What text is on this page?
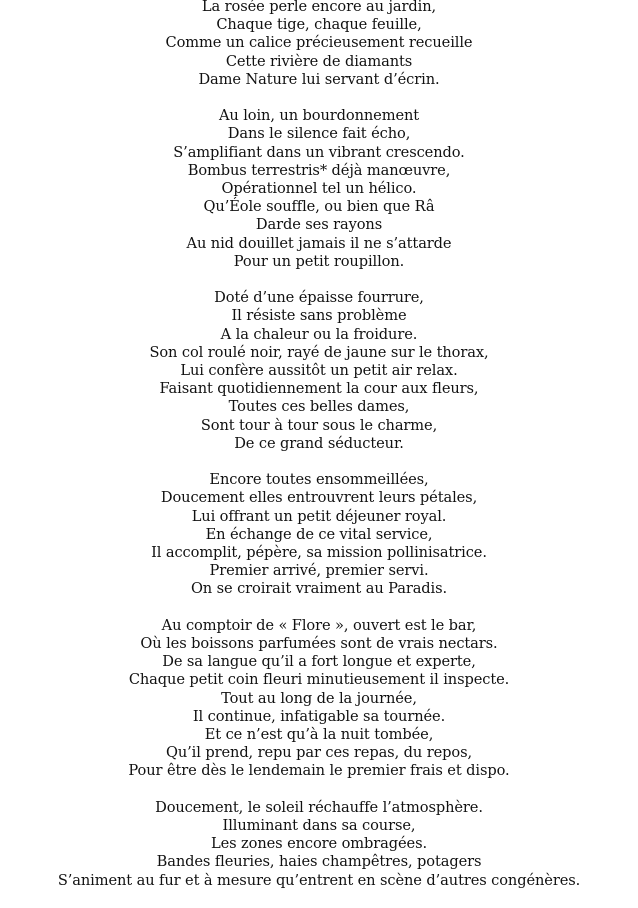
La rosée perle encore au jardin,
Chaque tige, chaque feuille,
Comme un calice précieusement recueille
Cette rivière de diamants
Dame Nature lui servant d’écrin.
Au loin, un bourdonnement
Dans le silence fait écho,
S’amplifiant dans un vibrant crescendo.
Bombus terrestris* déjà manœuvre,
Opérationnel tel un hélico.
Qu’Éole souffle, ou bien que Râ
Darde ses rayons
Au nid douillet jamais il ne s’attarde
Pour un petit roupillon.
Doté d’une épaisse fourrure,
Il résiste sans problème
A la chaleur ou la froidure.
Son col roulé noir, rayé de jaune sur le thorax,
Lui confère aussitôt un petit air relax.
Faisant quotidiennement la cour aux fleurs,
Toutes ces belles dames,
Sont tour à tour sous le charme,
De ce grand séducteur.
Encore toutes ensommeillées,
Doucement elles entrouvrent leurs pétales,
Lui offrant un petit déjeuner royal.
En échange de ce vital service,
Il accomplit, pépère, sa mission pollinisatrice.
Premier arrivé, premier servi.
On se croirait vraiment au Paradis.
Au comptoir de « Flore », ouvert est le bar,
Où les boissons parfumées sont de vrais nectars.
De sa langue qu’il a fort longue et experte,
Chaque petit coin fleuri minutieusement il inspecte.
Tout au long de la journée,
Il continue, infatigable sa tournée.
Et ce n’est qu’à la nuit tombée,
Qu’il prend, repu par ces repas, du repos,
Pour être dès le lendemain le premier frais et dispo.
Doucement, le soleil réchauffe l’atmosphère.
Illuminant dans sa course,
Les zones encore ombragées.
Bandes fleuries, haies champêtres, potagers
S’animent au fur et à mesure qu’entrent en scène d’autres congénères.
